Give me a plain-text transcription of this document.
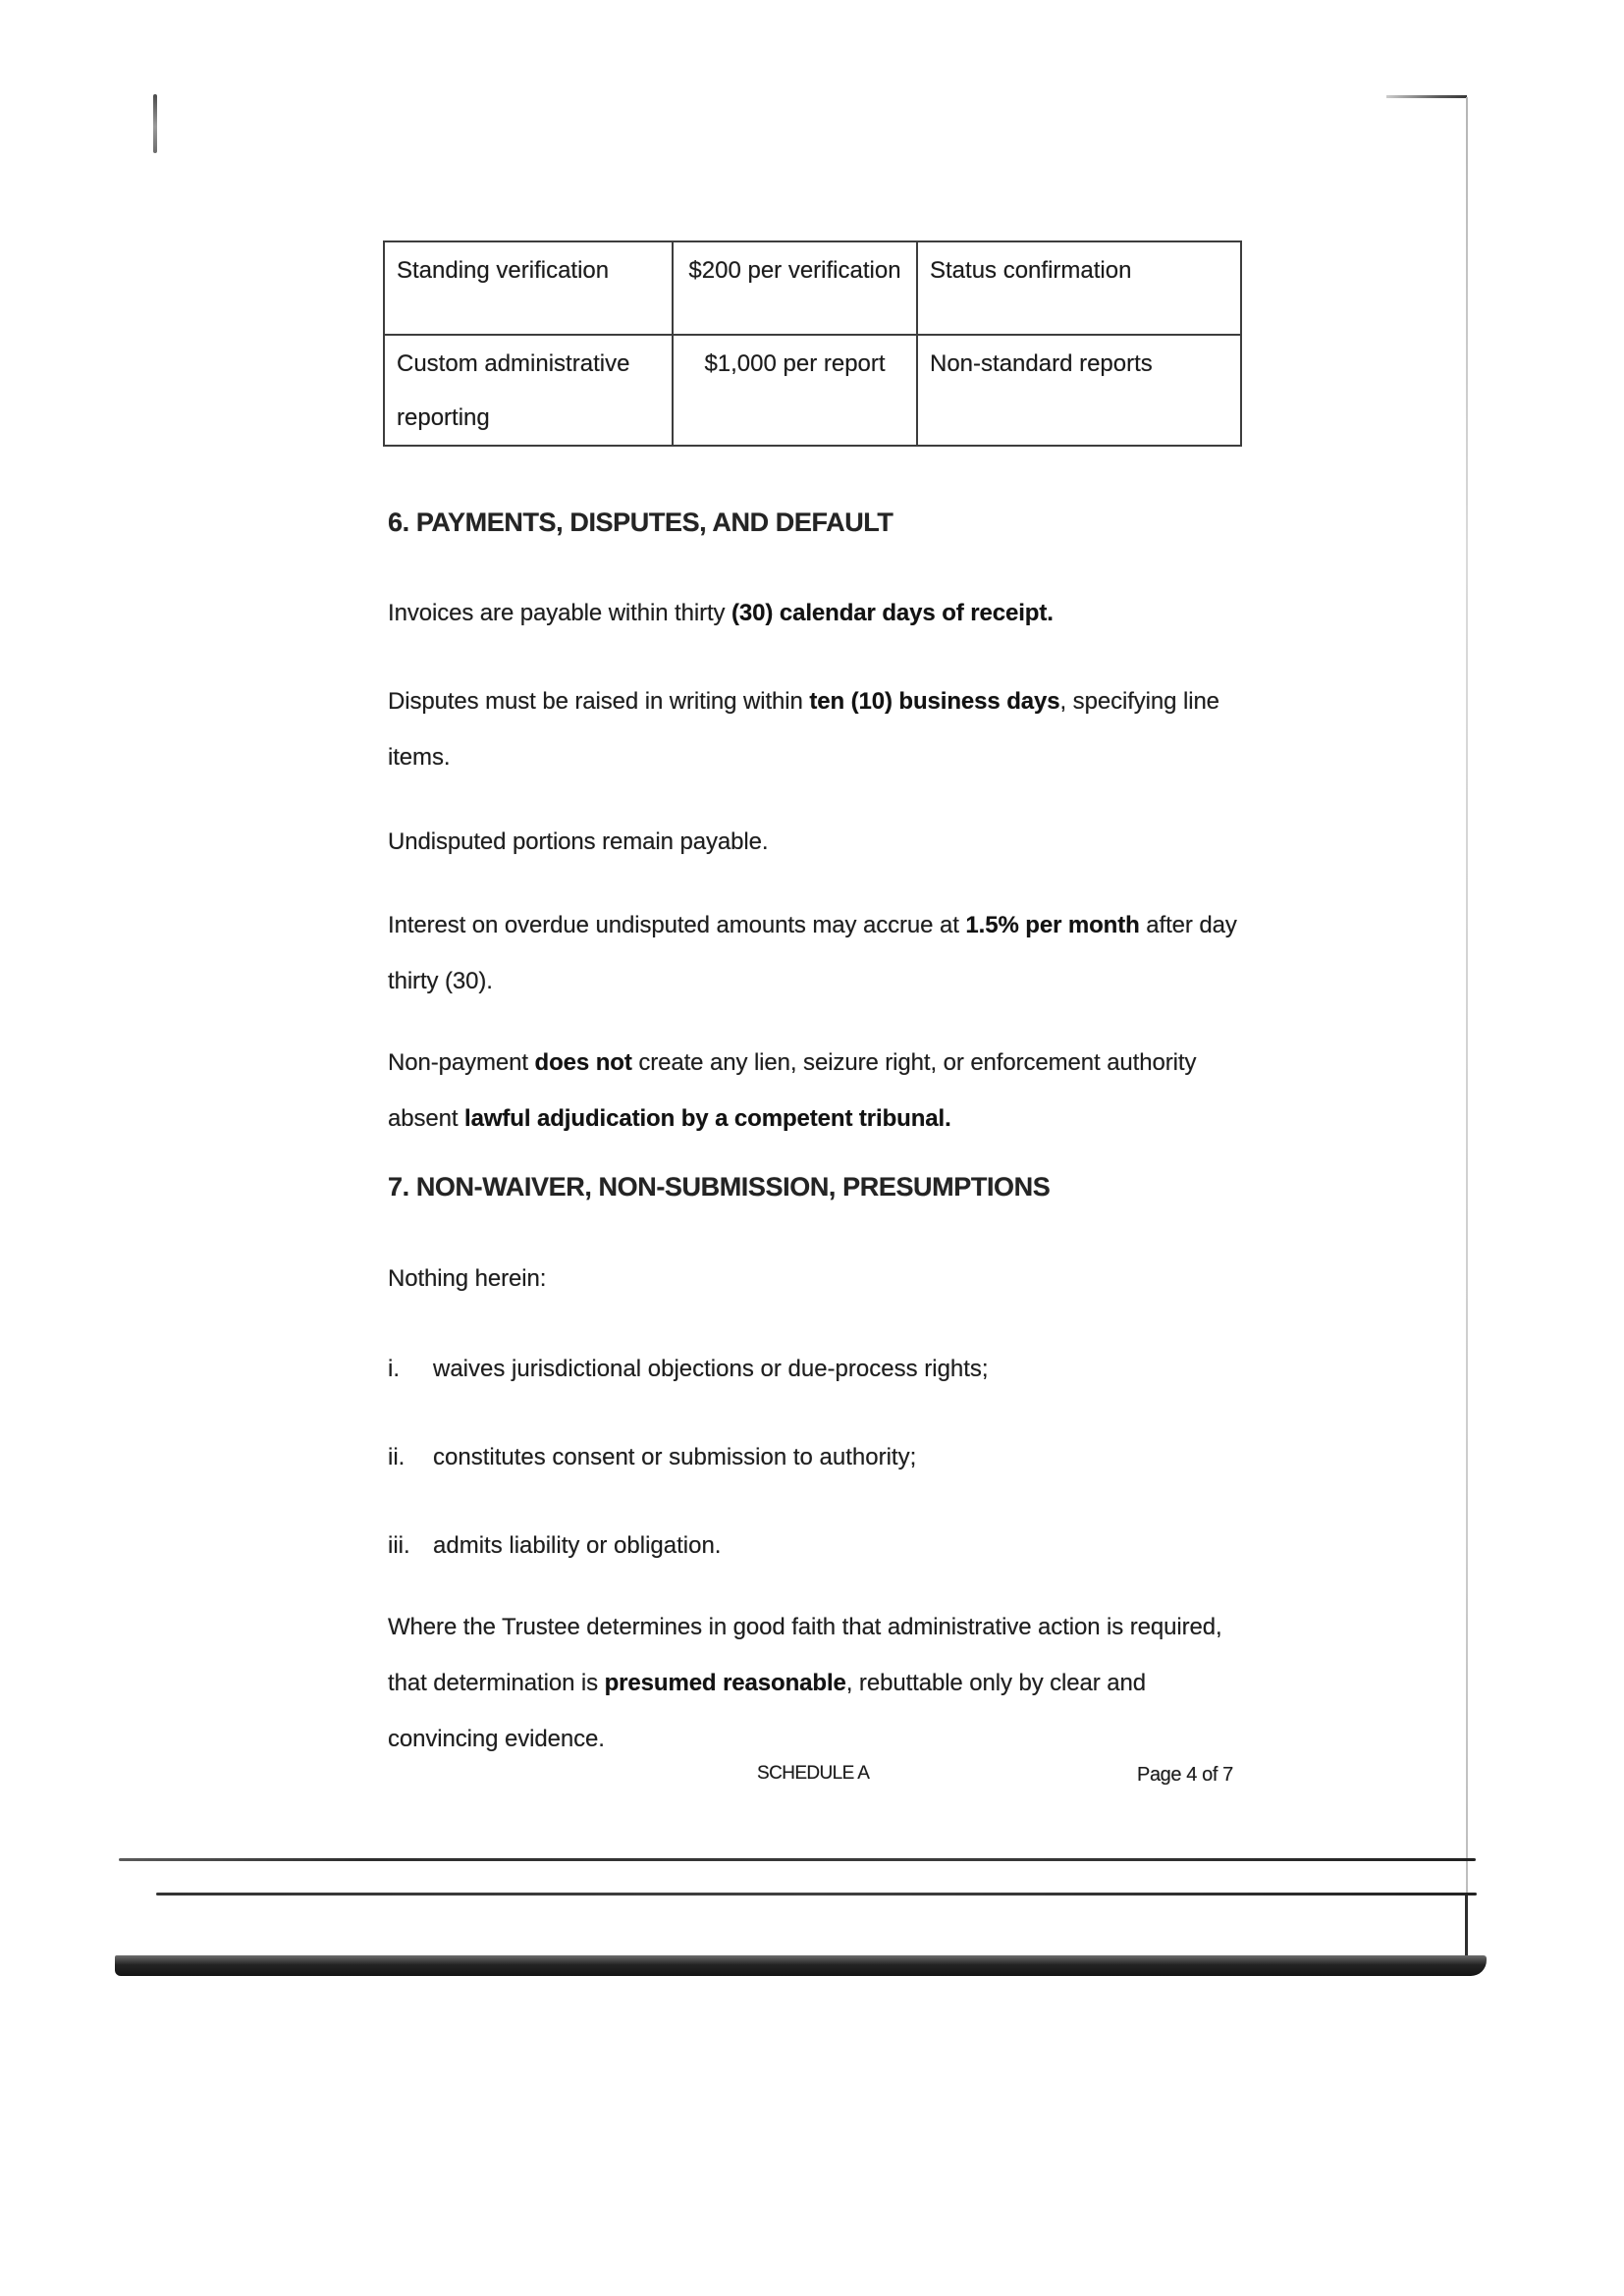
Standing verification	$200 per verification	Status confirmation
Custom administrative reporting	$1,000 per report	Non-standard reports
6. PAYMENTS, DISPUTES, AND DEFAULT
Invoices are payable within thirty (30) calendar days of receipt.
Disputes must be raised in writing within ten (10) business days, specifying line items.
Undisputed portions remain payable.
Interest on overdue undisputed amounts may accrue at 1.5% per month after day thirty (30).
Non-payment does not create any lien, seizure right, or enforcement authority absent lawful adjudication by a competent tribunal.
7. NON-WAIVER, NON-SUBMISSION, PRESUMPTIONS
Nothing herein:
i.	waives jurisdictional objections or due-process rights;
ii.	constitutes consent or submission to authority;
iii. admits liability or obligation.
Where the Trustee determines in good faith that administrative action is required, that determination is presumed reasonable, rebuttable only by clear and convincing evidence.
SCHEDULE A	Page 4 of 7
